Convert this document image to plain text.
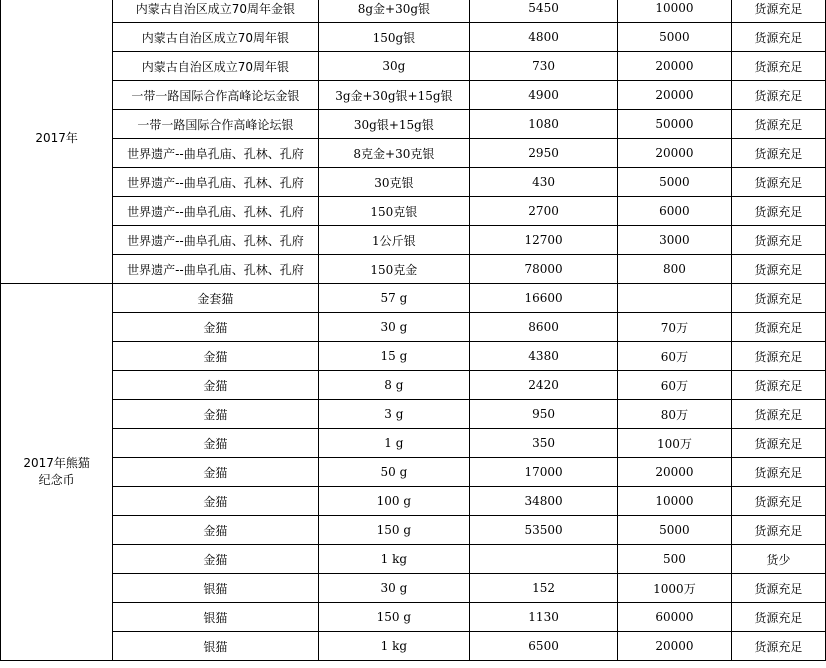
2017年	内蒙古自治区成立70周年金银	8g金+30g银	5450	10000	货源充足
	内蒙古自治区成立70周年银	150g银	4800	5000	货源充足
	内蒙古自治区成立70周年银	30g	730	20000	货源充足
	一带一路国际合作高峰论坛金银	3g金+30g银+15g银	4900	20000	货源充足
	一带一路国际合作高峰论坛银	30g银+15g银	1080	50000	货源充足
	世界遗产--曲阜孔庙、孔林、孔府	8克金+30克银	2950	20000	货源充足
	世界遗产--曲阜孔庙、孔林、孔府	30克银	430	5000	货源充足
	世界遗产--曲阜孔庙、孔林、孔府	150克银	2700	6000	货源充足
	世界遗产--曲阜孔庙、孔林、孔府	1公斤银	12700	3000	货源充足
	世界遗产--曲阜孔庙、孔林、孔府	150克金	78000	800	货源充足
2017年熊猫纪念币	金套猫	57 g	16600		货源充足
	金猫	30 g	8600	70万	货源充足
	金猫	15 g	4380	60万	货源充足
	金猫	8 g	2420	60万	货源充足
	金猫	3 g	950	80万	货源充足
	金猫	1 g	350	100万	货源充足
	金猫	50 g	17000	20000	货源充足
	金猫	100 g	34800	10000	货源充足
	金猫	150 g	53500	5000	货源充足
	金猫	1 kg		500	货少
	银猫	30 g	152	1000万	货源充足
	银猫	150 g	1130	60000	货源充足
	银猫	1 kg	6500	20000	货源充足
